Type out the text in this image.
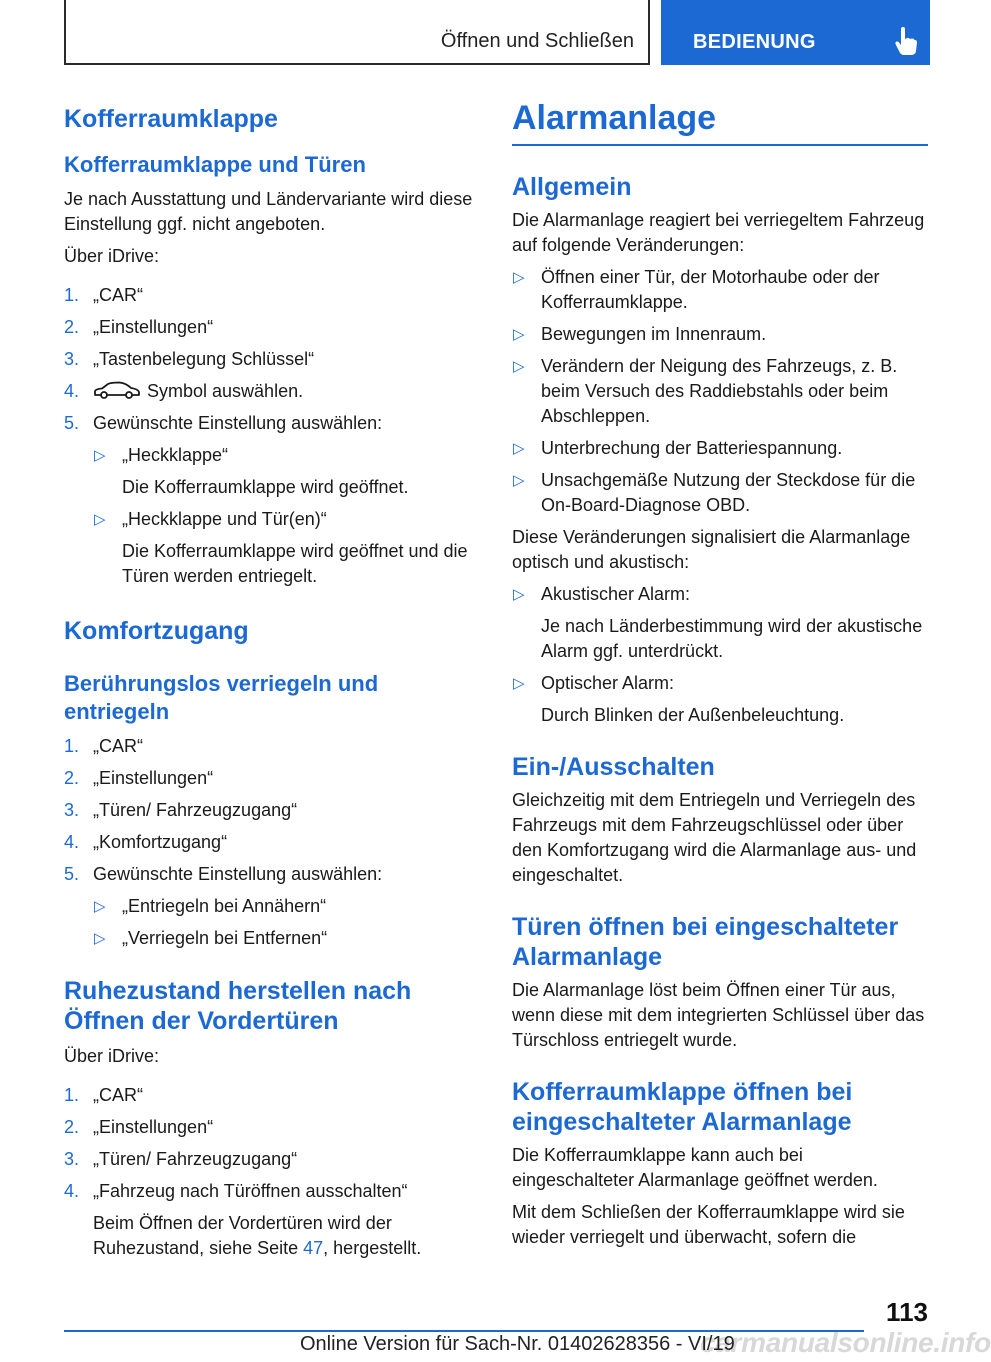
Öffnen und Schließen	BEDIENUNG
Kofferraumklappe
Kofferraumklappe und Türen
Je nach Ausstattung und Ländervariante wird diese Einstellung ggf. nicht angeboten.
Über iDrive:
1. „CAR“
2. „Einstellungen“
3. „Tastenbelegung Schlüssel“
4.	Symbol auswählen.
5. Gewünschte Einstellung auswählen:
▷ „Heckklappe“
Die Kofferraumklappe wird geöffnet.
▷ „Heckklappe und Tür(en)“
Die Kofferraumklappe wird geöffnet und die Türen werden entriegelt.
Komfortzugang
Berührungslos verriegeln und entriegeln
1. „CAR“
2. „Einstellungen“
3. „Türen/ Fahrzeugzugang“
4. „Komfortzugang“
5. Gewünschte Einstellung auswählen:
▷ „Entriegeln bei Annähern“
▷ „Verriegeln bei Entfernen“
Ruhezustand herstellen nach Öffnen der Vordertüren
Über iDrive:
1. „CAR“
2. „Einstellungen“
3. „Türen/ Fahrzeugzugang“
4. „Fahrzeug nach Türöffnen ausschalten“
Beim Öffnen der Vordertüren wird der Ruhezustand, siehe Seite 47, hergestellt.
Alarmanlage
Allgemein
Die Alarmanlage reagiert bei verriegeltem Fahrzeug auf folgende Veränderungen:
▷ Öffnen einer Tür, der Motorhaube oder der Kofferraumklappe.
▷ Bewegungen im Innenraum.
▷ Verändern der Neigung des Fahrzeugs, z. B. beim Versuch des Raddiebstahls oder beim Abschleppen.
▷ Unterbrechung der Batteriespannung.
▷ Unsachgemäße Nutzung der Steckdose für die On-Board-Diagnose OBD.
Diese Veränderungen signalisiert die Alarmanlage optisch und akustisch:
▷ Akustischer Alarm:
Je nach Länderbestimmung wird der akustische Alarm ggf. unterdrückt.
▷ Optischer Alarm:
Durch Blinken der Außenbeleuchtung.
Ein-/Ausschalten
Gleichzeitig mit dem Entriegeln und Verriegeln des Fahrzeugs mit dem Fahrzeugschlüssel oder über den Komfortzugang wird die Alarmanlage aus- und eingeschaltet.
Türen öffnen bei eingeschalteter Alarmanlage
Die Alarmanlage löst beim Öffnen einer Tür aus, wenn diese mit dem integrierten Schlüssel über das Türschloss entriegelt wurde.
Kofferraumklappe öffnen bei eingeschalteter Alarmanlage
Die Kofferraumklappe kann auch bei eingeschalteter Alarmanlage geöffnet werden.
Mit dem Schließen der Kofferraumklappe wird sie wieder verriegelt und überwacht, sofern die
113
carmanualsonline.info
Online Version für Sach-Nr. 01402628356 - VI/19
